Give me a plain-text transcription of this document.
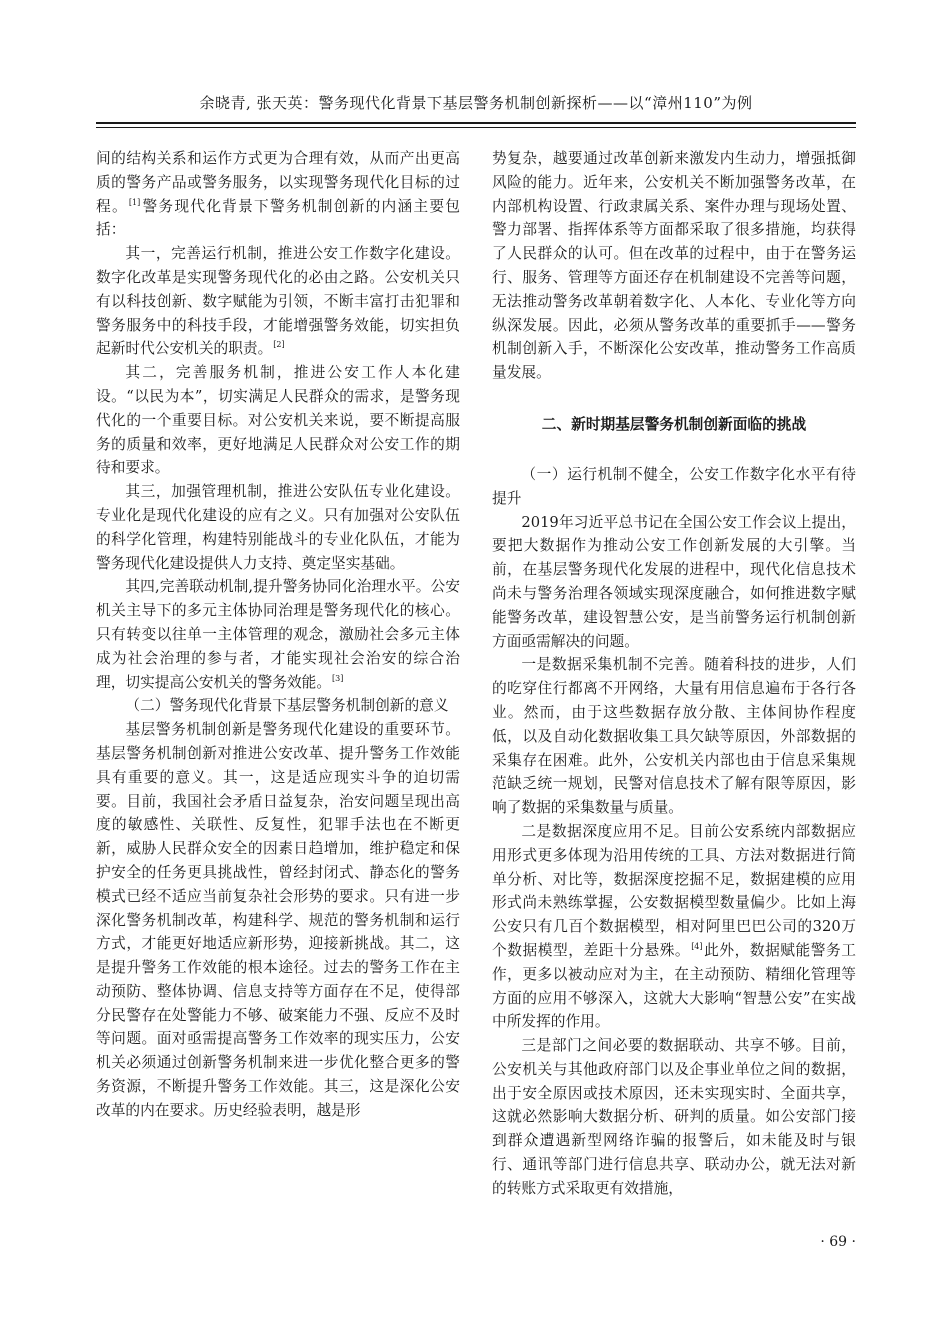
余晓青, 张天英：警务现代化背景下基层警务机制创新探析——以“漳州110”为例

间的结构关系和运作方式更为合理有效，从而产出更高质的警务产品或警务服务，以实现警务现代化目标的过程。[1]警务现代化背景下警务机制创新的内涵主要包括：

其一，完善运行机制，推进公安工作数字化建设。数字化改革是实现警务现代化的必由之路。公安机关只有以科技创新、数字赋能为引领，不断丰富打击犯罪和警务服务中的科技手段，才能增强警务效能，切实担负起新时代公安机关的职责。[2]

其二，完善服务机制，推进公安工作人本化建设。“以民为本”，切实满足人民群众的需求，是警务现代化的一个重要目标。对公安机关来说，要不断提高服务的质量和效率，更好地满足人民群众对公安工作的期待和要求。

其三，加强管理机制，推进公安队伍专业化建设。专业化是现代化建设的应有之义。只有加强对公安队伍的科学化管理，构建特别能战斗的专业化队伍，才能为警务现代化建设提供人力支持、奠定坚实基础。

其四,完善联动机制,提升警务协同化治理水平。公安机关主导下的多元主体协同治理是警务现代化的核心。只有转变以往单一主体管理的观念，激励社会多元主体成为社会治理的参与者，才能实现社会治安的综合治理，切实提高公安机关的警务效能。[3]

（二）警务现代化背景下基层警务机制创新的意义

基层警务机制创新是警务现代化建设的重要环节。基层警务机制创新对推进公安改革、提升警务工作效能具有重要的意义。其一，这是适应现实斗争的迫切需要。目前，我国社会矛盾日益复杂，治安问题呈现出高度的敏感性、关联性、反复性，犯罪手法也在不断更新，威胁人民群众安全的因素日趋增加，维护稳定和保护安全的任务更具挑战性，曾经封闭式、静态化的警务模式已经不适应当前复杂社会形势的要求。只有进一步深化警务机制改革，构建科学、规范的警务机制和运行方式，才能更好地适应新形势，迎接新挑战。其二，这是提升警务工作效能的根本途径。过去的警务工作在主动预防、整体协调、信息支持等方面存在不足，使得部分民警存在处警能力不够、破案能力不强、反应不及时等问题。面对亟需提高警务工作效率的现实压力，公安机关必须通过创新警务机制来进一步优化整合更多的警务资源，不断提升警务工作效能。其三，这是深化公安改革的内在要求。历史经验表明，越是形

势复杂，越要通过改革创新来激发内生动力，增强抵御风险的能力。近年来，公安机关不断加强警务改革，在内部机构设置、行政隶属关系、案件办理与现场处置、警力部署、指挥体系等方面都采取了很多措施，均获得了人民群众的认可。但在改革的过程中，由于在警务运行、服务、管理等方面还存在机制建设不完善等问题，无法推动警务改革朝着数字化、人本化、专业化等方向纵深发展。因此，必须从警务改革的重要抓手——警务机制创新入手，不断深化公安改革，推动警务工作高质量发展。

二、新时期基层警务机制创新面临的挑战

（一）运行机制不健全，公安工作数字化水平有待提升

2019年习近平总书记在全国公安工作会议上提出，要把大数据作为推动公安工作创新发展的大引擎。当前，在基层警务现代化发展的进程中，现代化信息技术尚未与警务治理各领域实现深度融合，如何推进数字赋能警务改革，建设智慧公安，是当前警务运行机制创新方面亟需解决的问题。

一是数据采集机制不完善。随着科技的进步，人们的吃穿住行都离不开网络，大量有用信息遍布于各行各业。然而，由于这些数据存放分散、主体间协作程度低，以及自动化数据收集工具欠缺等原因，外部数据的采集存在困难。此外，公安机关内部也由于信息采集规范缺乏统一规划，民警对信息技术了解有限等原因，影响了数据的采集数量与质量。

二是数据深度应用不足。目前公安系统内部数据应用形式更多体现为沿用传统的工具、方法对数据进行简单分析、对比等，数据深度挖掘不足，数据建模的应用形式尚未熟练掌握，公安数据模型数量偏少。比如上海公安只有几百个数据模型，相对阿里巴巴公司的320万个数据模型，差距十分悬殊。[4]此外，数据赋能警务工作，更多以被动应对为主，在主动预防、精细化管理等方面的应用不够深入，这就大大影响“智慧公安”在实战中所发挥的作用。

三是部门之间必要的数据联动、共享不够。目前，公安机关与其他政府部门以及企事业单位之间的数据，出于安全原因或技术原因，还未实现实时、全面共享，这就必然影响大数据分析、研判的质量。如公安部门接到群众遭遇新型网络诈骗的报警后，如未能及时与银行、通讯等部门进行信息共享、联动办公，就无法对新的转账方式采取更有效措施，

· 69 ·
